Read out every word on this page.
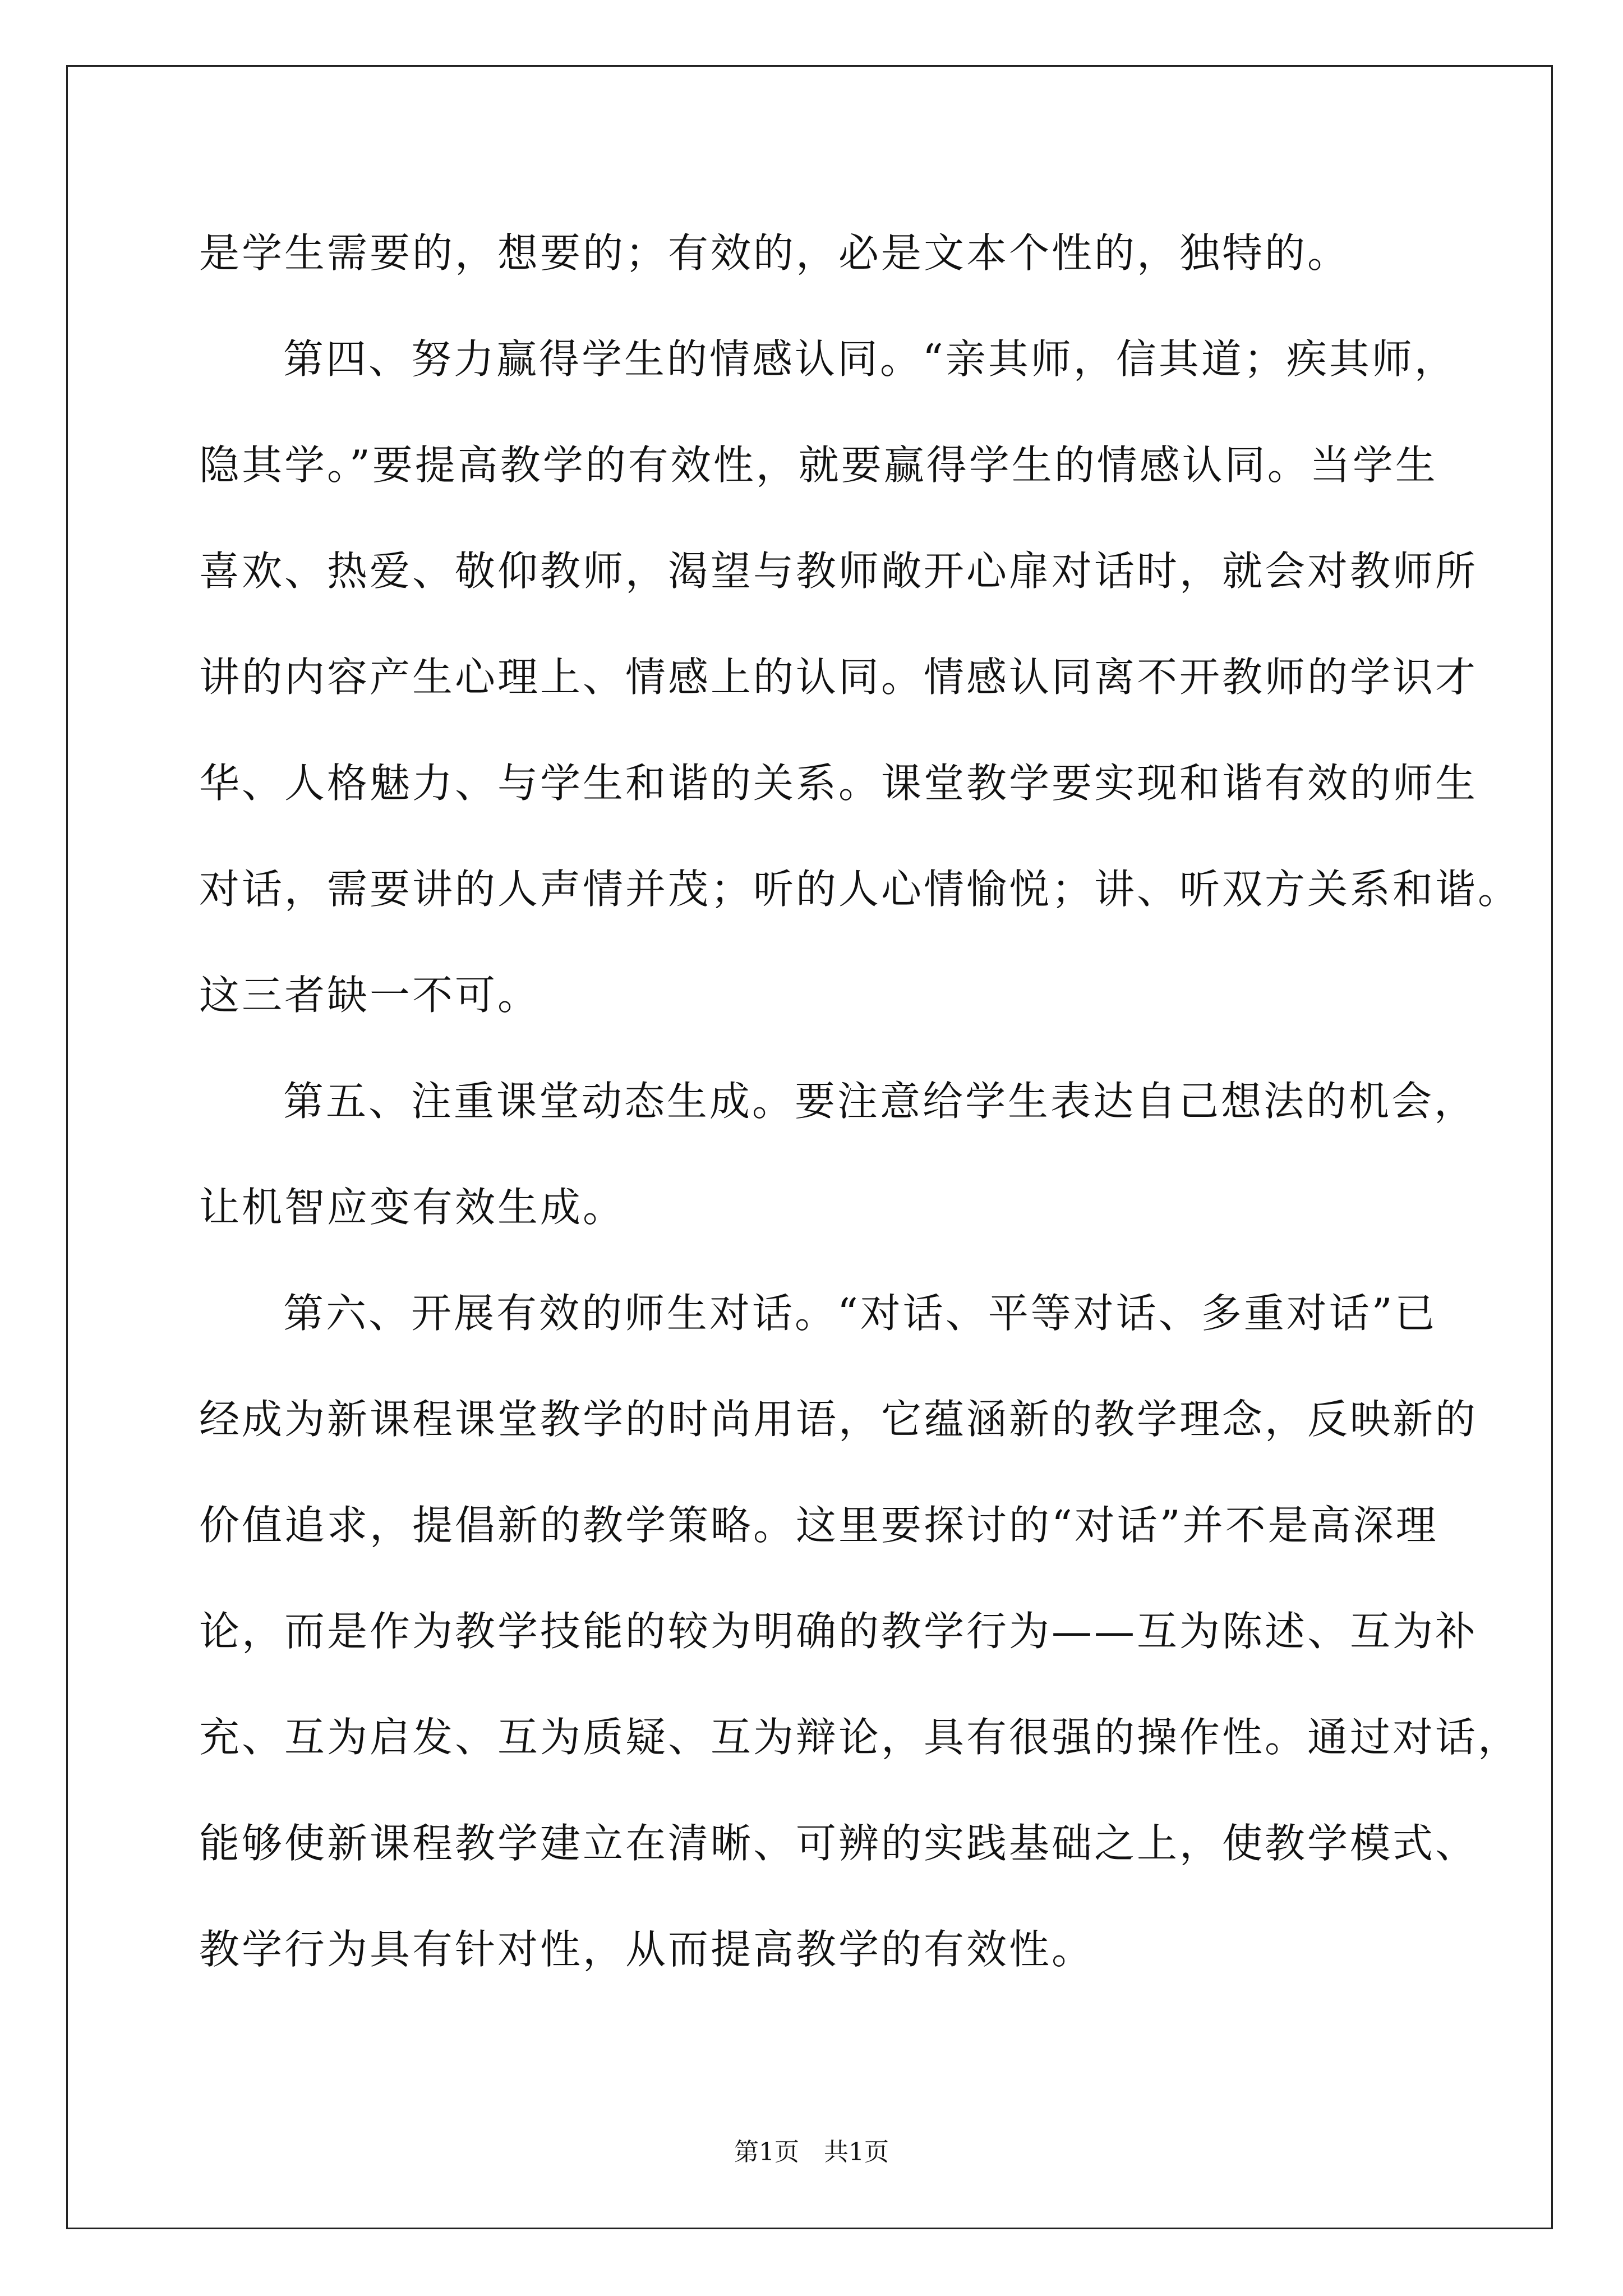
是学生需要的，想要的；有效的，必是文本个性的，独特的。
第四、努力赢得学生的情感认同。“亲其师，信其道；疾其师，
隐其学。”要提高教学的有效性，就要赢得学生的情感认同。当学生
喜欢、热爱、敬仰教师，渴望与教师敞开心扉对话时，就会对教师所
讲的内容产生心理上、情感上的认同。情感认同离不开教师的学识才
华、人格魅力、与学生和谐的关系。课堂教学要实现和谐有效的师生
对话，需要讲的人声情并茂；听的人心情愉悦；讲、听双方关系和谐。
这三者缺一不可。
第五、注重课堂动态生成。要注意给学生表达自己想法的机会，
让机智应变有效生成。
第六、开展有效的师生对话。“对话、平等对话、多重对话”已
经成为新课程课堂教学的时尚用语，它蕴涵新的教学理念，反映新的
价值追求，提倡新的教学策略。这里要探讨的“对话”并不是高深理
论，而是作为教学技能的较为明确的教学行为——互为陈述、互为补
充、互为启发、互为质疑、互为辩论，具有很强的操作性。通过对话，
能够使新课程教学建立在清晰、可辨的实践基础之上，使教学模式、
教学行为具有针对性，从而提高教学的有效性。
第1页　共1页
